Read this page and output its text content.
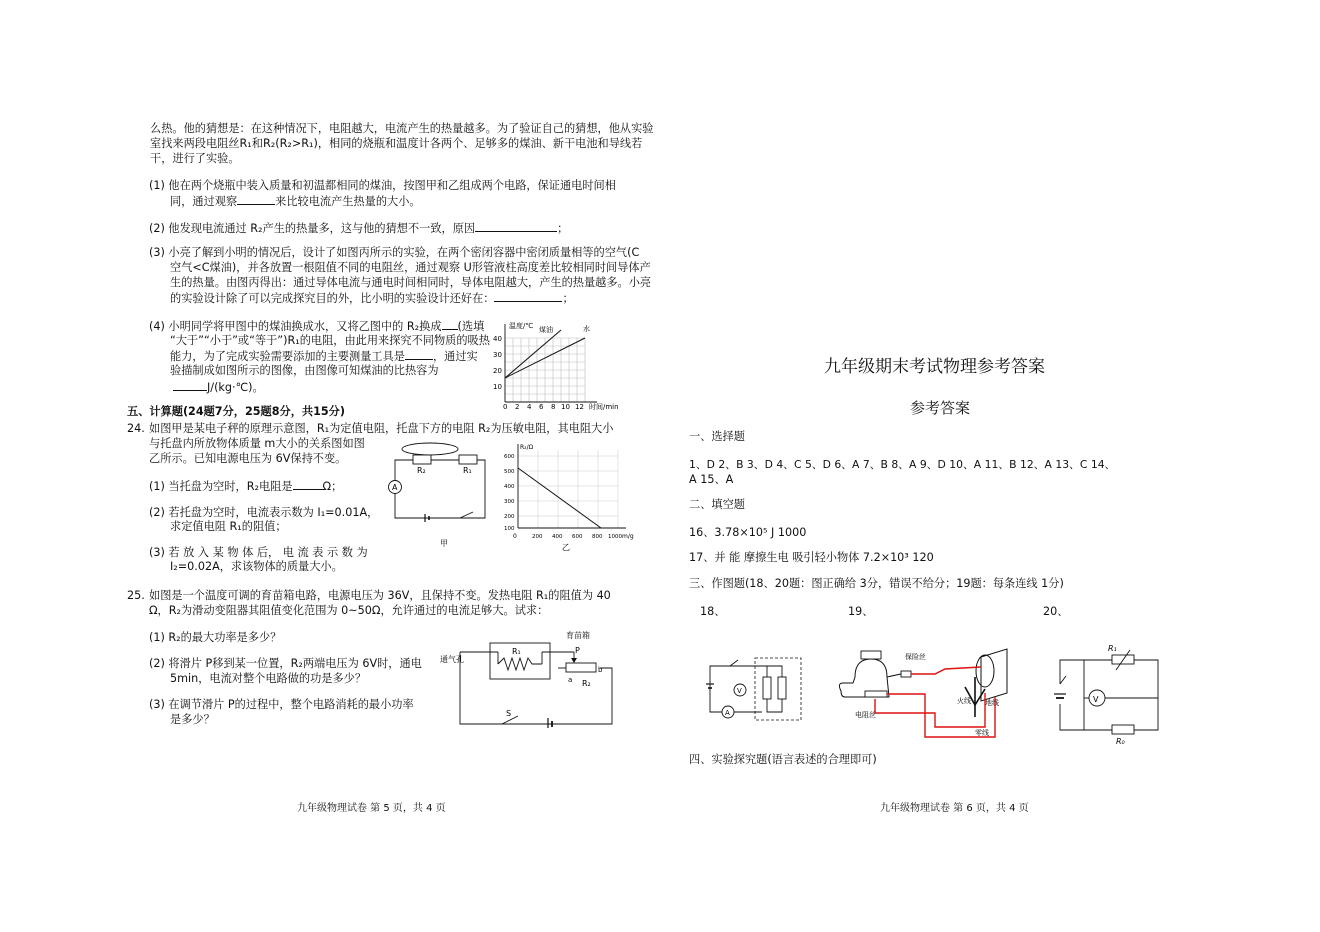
么热。他的猜想是：在这种情况下，电阻越大，电流产生的热量越多。为了验证自己的猜想，他从实验
室找来两段电阻丝R₁和R₂(R₂>R₁)，相同的烧瓶和温度计各两个、足够多的煤油、新干电池和导线若
干，进行了实验。
(1) 他在两个烧瓶中装入质量和初温都相同的煤油，按图甲和乙组成两个电路，保证通电时间相
同，通过观察	来比较电流产生热量的大小。
(2) 他发现电流通过 R₂产生的热量多，这与他的猜想不一致，原因	；
(3) 小亮了解到小明的情况后，设计了如图丙所示的实验，在两个密闭容器中密闭质量相等的空气(C
空气<C煤油)，并各放置一根阻值不同的电阻丝，通过观察 U形管液柱高度差比较相同时间导体产
生的热量。由图丙得出：通过导体电流与通电时间相同时，导体电阻越大，产生的热量越多。小亮
的实验设计除了可以完成探究目的外，比小明的实验设计还好在：	；
(4) 小明同学将甲图中的煤油换成水，又将乙图中的 R₂换成 (选填
“大于”“小于”或“等于”)R₁的电阻，由此用来探究不同物质的吸热
能力，为了完成实验需要添加的主要测量工具是	，通过实
验描制成如图所示的图像，由图像可知煤油的比热容为
J/(kg·℃)。
温度/℃ 煤油	水
40
30
20
10
0 2 4 6 8 10 12 时间/min
五、计算题(24题7分，25题8分，共15分)
24. 如图甲是某电子秤的原理示意图，R₁为定值电阻，托盘下方的电阻 R₂为压敏电阻，其电阻大小
与托盘内所放物体质量 m大小的关系图如图
乙所示。已知电源电压为 6V保持不变。
(1) 当托盘为空时，R₂电阻是	Ω；
(2) 若托盘为空时，电流表示数为 I₁=0.01A，
求定值电阻 R₁的阻值；
(3) 若 放 入 某 物 体 后， 电 流 表 示 数 为
I₂=0.02A，求该物体的质量大小。
R₂	R₁
A
甲
R₂/Ω
600
500
400
300
200
100
0	200 400 600 800 1000 m/g
乙
25. 如图是一个温度可调的育苗箱电路，电源电压为 36V，且保持不变。发热电阻 R₁的阻值为 40
Ω，R₂为滑动变阻器其阻值变化范围为 0~50Ω，允许通过的电流足够大。试求：
(1) R₂的最大功率是多少？
(2) 将滑片 P移到某一位置，R₂两端电压为 6V时，通电
5min，电流对整个电路做的功是多少？
(3) 在调节滑片 P的过程中，整个电路消耗的最小功率
是多少？
通气孔
育苗箱
R₁	P
a
b
R₂
S
九年级物理试卷 第 5 页，共 4 页
九年级期末考试物理参考答案
参考答案
一、选择题
1、D 2、B 3、D 4、C 5、D 6、A 7、B 8、A 9、D 10、A 11、B 12、A 13、C 14、
A 15、A
二、填空题
16、3.78×10⁵ J 1000
17、并 能 摩擦生电 吸引轻小物体 7.2×10³ 120
三、作图题(18、20题：图正确给 3分，错误不给分；19题：每条连线 1分)
18、	19、	20、
V
A
保险丝
电阻丝
火线 地线
零线
V
R₁
R₀
四、实验探究题(语言表述的合理即可)
九年级物理试卷 第 6 页，共 4 页
